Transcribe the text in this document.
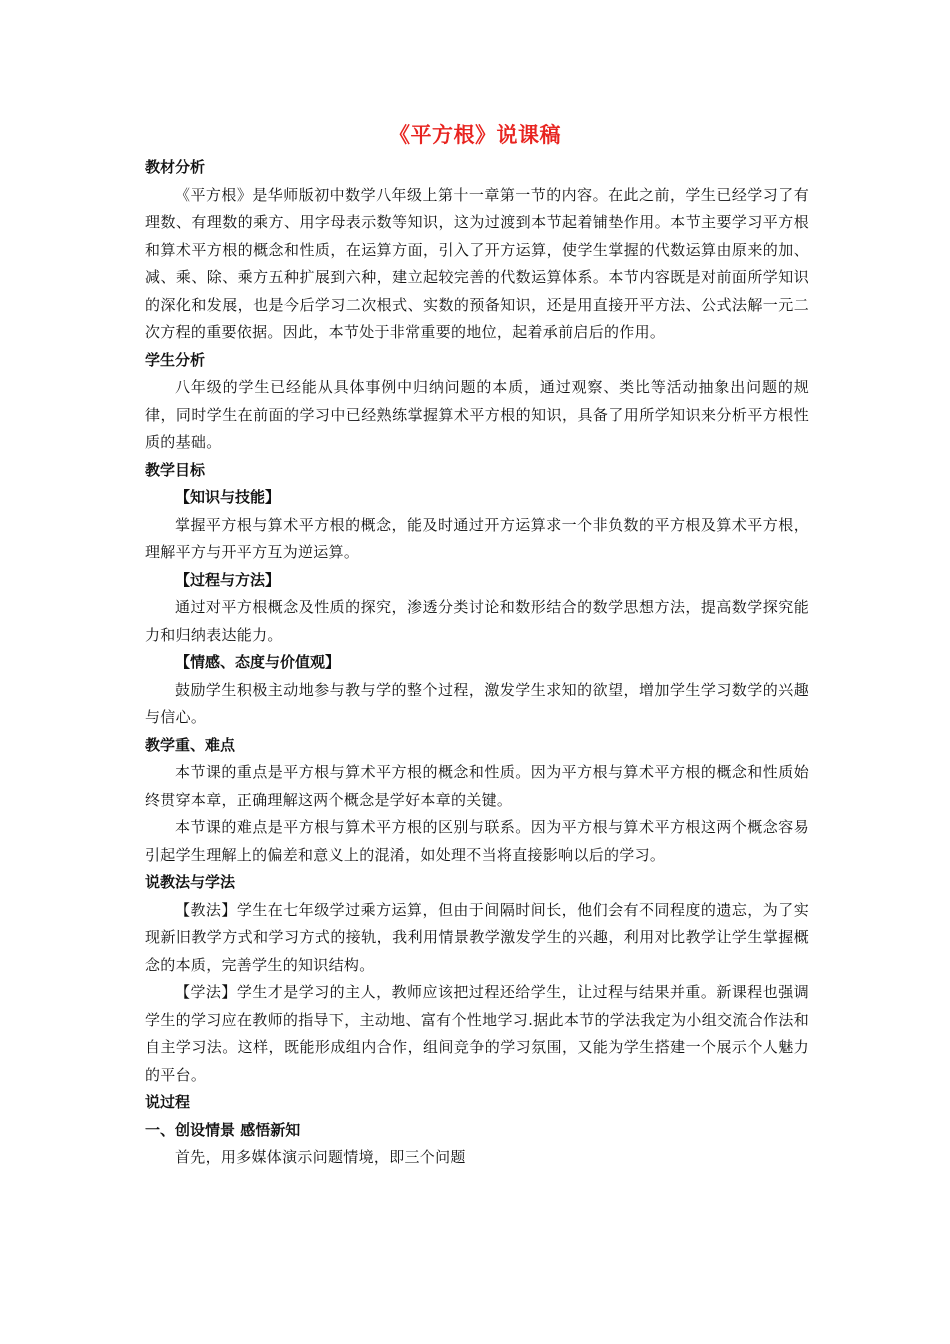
《平方根》说课稿

教材分析

《平方根》是华师版初中数学八年级上第十一章第一节的内容。在此之前，学生已经学习了有理数、有理数的乘方、用字母表示数等知识，这为过渡到本节起着铺垫作用。本节主要学习平方根和算术平方根的概念和性质，在运算方面，引入了开方运算，使学生掌握的代数运算由原来的加、减、乘、除、乘方五种扩展到六种，建立起较完善的代数运算体系。本节内容既是对前面所学知识的深化和发展，也是今后学习二次根式、实数的预备知识，还是用直接开平方法、公式法解一元二次方程的重要依据。因此，本节处于非常重要的地位，起着承前启后的作用。

学生分析

八年级的学生已经能从具体事例中归纳问题的本质，通过观察、类比等活动抽象出问题的规律，同时学生在前面的学习中已经熟练掌握算术平方根的知识，具备了用所学知识来分析平方根性质的基础。

教学目标

【知识与技能】

掌握平方根与算术平方根的概念，能及时通过开方运算求一个非负数的平方根及算术平方根，理解平方与开平方互为逆运算。

【过程与方法】

通过对平方根概念及性质的探究，渗透分类讨论和数形结合的数学思想方法，提高数学探究能力和归纳表达能力。

【情感、态度与价值观】

鼓励学生积极主动地参与教与学的整个过程，激发学生求知的欲望，增加学生学习数学的兴趣与信心。

教学重、难点

本节课的重点是平方根与算术平方根的概念和性质。因为平方根与算术平方根的概念和性质始终贯穿本章，正确理解这两个概念是学好本章的关键。

本节课的难点是平方根与算术平方根的区别与联系。因为平方根与算术平方根这两个概念容易引起学生理解上的偏差和意义上的混淆，如处理不当将直接影响以后的学习。

说教法与学法

【教法】学生在七年级学过乘方运算，但由于间隔时间长，他们会有不同程度的遗忘，为了实现新旧教学方式和学习方式的接轨，我利用情景教学激发学生的兴趣，利用对比教学让学生掌握概念的本质，完善学生的知识结构。

【学法】学生才是学习的主人，教师应该把过程还给学生，让过程与结果并重。新课程也强调学生的学习应在教师的指导下，主动地、富有个性地学习.据此本节的学法我定为小组交流合作法和自主学习法。这样，既能形成组内合作，组间竞争的学习氛围，又能为学生搭建一个展示个人魅力的平台。

说过程

一、创设情景 感悟新知

首先，用多媒体演示问题情境，即三个问题
